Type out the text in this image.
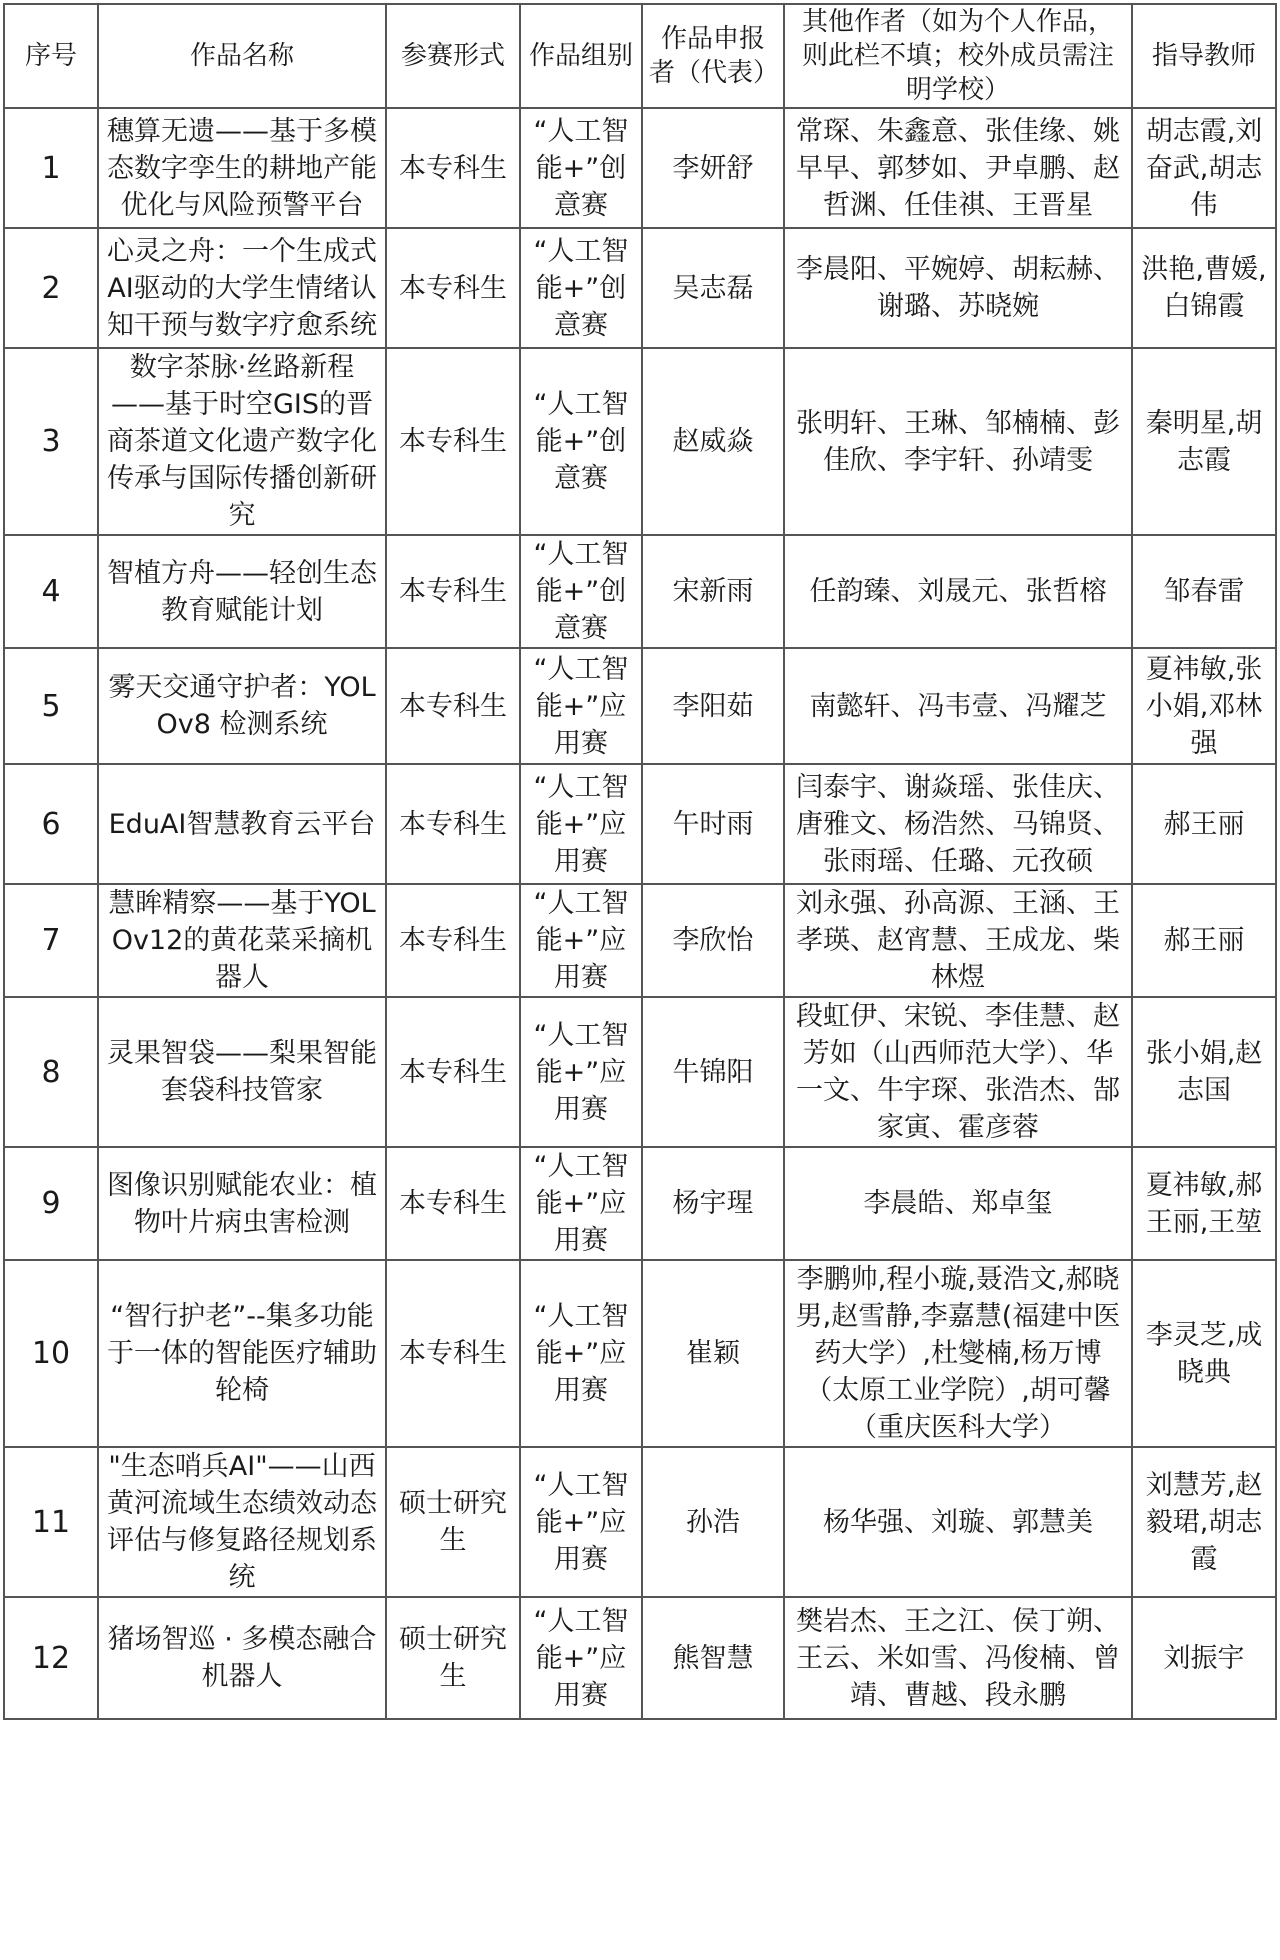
序号	作品名称	参赛形式	作品组别	作品申报者（代表）	其他作者（如为个人作品，则此栏不填；校外成员需注明学校）	指导教师
1	穗算无遗——基于多模态数字孪生的耕地产能优化与风险预警平台	本专科生	“人工智能+”创意赛	李妍舒	常琛、朱鑫意、张佳缘、姚早早、郭梦如、尹卓鹏、赵哲渊、任佳祺、王晋星	胡志霞,刘奋武,胡志伟
2	心灵之舟：一个生成式AI驱动的大学生情绪认知干预与数字疗愈系统	本专科生	“人工智能+”创意赛	吴志磊	李晨阳、平婉婷、胡耘赫、谢璐、苏晓婉	洪艳,曹媛,白锦霞
3	数字茶脉·丝路新程——基于时空GIS的晋商茶道文化遗产数字化传承与国际传播创新研究	本专科生	“人工智能+”创意赛	赵威焱	张明轩、王琳、邹楠楠、彭佳欣、李宇轩、孙靖雯	秦明星,胡志霞
4	智植方舟——轻创生态教育赋能计划	本专科生	“人工智能+”创意赛	宋新雨	任韵臻、刘晟元、张哲榕	邹春雷
5	雾天交通守护者：YOLOv8 检测系统	本专科生	“人工智能+”应用赛	李阳茹	南懿轩、冯韦壹、冯耀芝	夏祎敏,张小娟,邓林强
6	EduAI智慧教育云平台	本专科生	“人工智能+”应用赛	午时雨	闫泰宇、谢焱瑶、张佳庆、唐雅文、杨浩然、马锦贤、张雨瑶、任璐、元孜硕	郝王丽
7	慧眸精察——基于YOLOv12的黄花菜采摘机器人	本专科生	“人工智能+”应用赛	李欣怡	刘永强、孙高源、王涵、王孝瑛、赵宵慧、王成龙、柴林煜	郝王丽
8	灵果智袋——梨果智能套袋科技管家	本专科生	“人工智能+”应用赛	牛锦阳	段虹伊、宋锐、李佳慧、赵芳如（山西师范大学）、华一文、牛宇琛、张浩杰、郜家寅、霍彦蓉	张小娟,赵志国
9	图像识别赋能农业：植物叶片病虫害检测	本专科生	“人工智能+”应用赛	杨宇瑆	李晨皓、郑卓玺	夏祎敏,郝王丽,王堃
10	“智行护老”--集多功能于一体的智能医疗辅助轮椅	本专科生	“人工智能+”应用赛	崔颖	李鹏帅,程小璇,聂浩文,郝晓男,赵雪静,李嘉慧(福建中医药大学）,杜燮楠,杨万博（太原工业学院）,胡可馨（重庆医科大学）	李灵芝,成晓典
11	"生态哨兵AI"——山西黄河流域生态绩效动态评估与修复路径规划系统	硕士研究生	“人工智能+”应用赛	孙浩	杨华强、刘璇、郭慧美	刘慧芳,赵毅珺,胡志霞
12	猪场智巡 · 多模态融合机器人	硕士研究生	“人工智能+”应用赛	熊智慧	樊岩杰、王之江、侯丁朔、王云、米如雪、冯俊楠、曾靖、曹越、段永鹏	刘振宇
